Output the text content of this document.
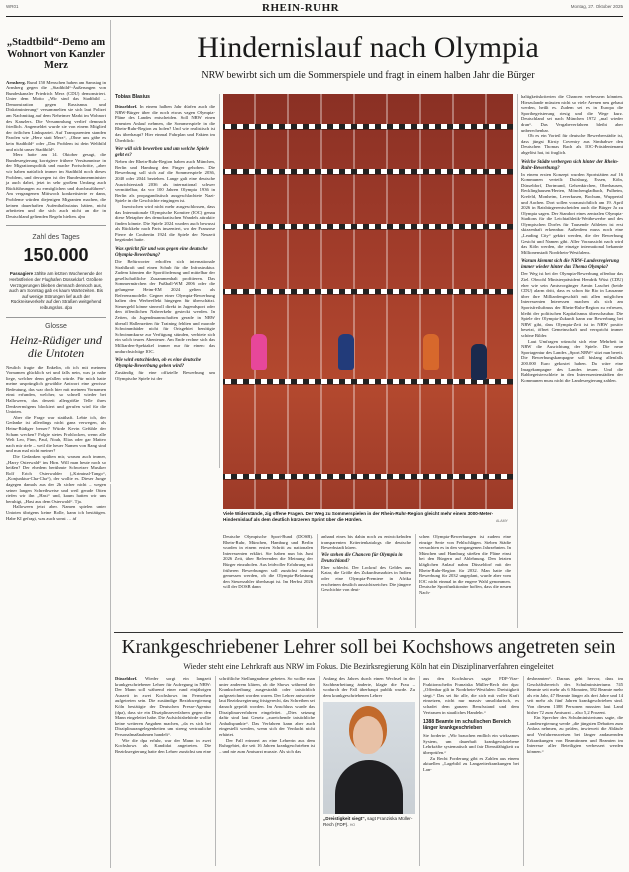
WR01	RHEIN-RUHR	Montag, 27. Oktober 2025
„Stadtbild“-Demo am Wohnort von Kanzler Merz
Arnsberg. Rund 150 Menschen haben am Samstag in Arnsberg gegen die „Stadtbild“-Äußerungen von Bundeskanzler Friedrich Merz (CDU) demonstriert. Unter dem Motto „Wir sind das Stadtbild – Demonstration gegen Rassismus und Diskriminierung“ versammelten sie sich laut Polizei am Nachmittag auf dem Neheimer Markt im Wohnort des Kanzlers. Die Versammlung verlief demnach friedlich. Angemeldet wurde sie von einem Mitglied der örtlichen Linkspartei. Auf Transparenten standen Parolen wie „Herz statt Merz“, „Ohne uns gäbe es kein Stadtbild“ oder „Das Problem ist dein Weltbild und nicht unser Stadtbild“.
Merz hatte am 14. Oktober gesagt, die Bundesregierung korrigiere frühere Versäumnisse in der Migrationspolitik und mache Fortschritte, „aber wir haben natürlich immer im Stadtbild noch dieses Problem, und deswegen ist der Bundesinnenminister ja auch dabei, jetzt in sehr großem Umfang auch Rückführungen zu ermöglichen und durchzuführen“. Am vergangenen Mittwoch konkretisierte er dann, Probleme würden diejenigen Migranten machen, die keinen dauerhaften Aufenthaltsstatus hätten, nicht arbeiteten und die sich auch nicht an die in Deutschland geltenden Regeln hielten. dpa
Zahl des Tages
150.000
Passagiere zählte am letzten Wochenende der Herbstferien der Flughafen Düsseldorf. Größere Verzögerungen blieben demnach dennoch aus, auch am Sonntag gab es kaum Wartezeiten. Bis auf wenige Störungen lief auch der Rückreiseverkehr auf den Straßen weitgehend reibungslos. dpa
Glosse
Heinz-Rüdiger und die Untoten
Neulich fragte die Enkelin, ob ich mit meinem Vornamen glücklich sei und falls nein, was ja nahe liege, welcher denn gefallen würde. Für mich hatte meine ursprünglich gewählte Antwort eine gewisse Bedeutung, das war doch hier mit meinem Vornamen einst erfunden, welcher, so schnell wieder bei Halloween, das derzeit allergrößte Telle ihres Denkvermögens blockiert und gerufen wird für die Untoten.
Aber die Frage war statthaft. Lebte ich, der Gedanke ist allerdings nicht ganz verwegen, als Heinz-Rüdiger besser? Würde Kevin Gefühle der Scham wecken? Folgte stetes Frohlocken, wenn alle Welt Leo, Finn, Paul, Noah, Elias oder gar Matteo nach mir riefe – weil die heuer Namen von Rang sind und nun mal nicht meiner?
Die Gedanken spülten mir, warum auch immer, „Harry Osterwald“ ins Hirn. Will man heute noch so heißen? Der ehedem berühmte Schweizer Musiker Rolf Erich Osterwalder („Kriminal-Tango“, „Konjunktur-Cha-Cha“), der wollte es. Dieser Junge dagegen damals aus der 2b sicher nicht – wegen seiner langen Schreibweise und weil gerade Otten riefen wir ihn „Hasi“ und, kaum hatten wir uns beruhigt, „Hasi aus dem Osterwald“. Tja.
Halloween jetzt aber. Namen spielen unter Untoten übrigens keine Rolle, kann ich bestätigen. Habe KI gefragt, was auch sonst … td
Hindernislauf nach Olympia
NRW bewirbt sich um die Sommerspiele und fragt in einem halben Jahr die Bürger
Tobias Blasius
Düsseldorf. In einem halben Jahr dürfen auch die NRW-Bürger über die noch etwas vagen Olympia-Pläne des Landes entscheiden. Soll NRW einen erneuten Anlauf nehmen, die Sommerspiele in die Rhein-Ruhr-Region zu holen? Und wie realistisch ist das überhaupt? Hier einmal Fahrplan und Fakten im Überblick:
Wer will sich bewerben und um welche Spiele geht es?
Neben der Rhein-Ruhr-Region haben auch München, Berlin und Hamburg den Finger gehoben. Die Bewerbung soll sich auf die Sommerspiele 2036, 2040 oder 2044 beziehen. Lange galt eine deutsche Ausrichterstadt 2036 als international schwer vermittelbar, da vor 100 Jahren Olympia 1936 in Berlin als propagandistisch ausgeschlachtete Nazi-Spiele in die Geschichte eingingen ist.
Inzwischen wird nicht mehr ausgeschlossen, dass das Internationale Olympische Komitee (IOC) genau diese Metapher des demokratischen Wandels attraktiv finden könnte. Die Spiele 2024 wurden auch bewusst als Rückkehr nach Paris inszeniert, wo der Franzose Pierre de Coubertin 1924 die Spiele der Neuzeit begründet hatte.
Was spricht für und was gegen eine deutsche Olympia-Bewerbung?
Die Befürworter erhoffen sich internationale Strahlkraft und einen Schub für die Infrastruktur. Zudem könnten die Sportförderung und mittelbar der gesellschaftliche Zusammenhalt profitieren. Das Sommermärchen der Fußball-WM 2006 oder die gelungene Heim-EM 2024 gelten als Referenzmodelle. Gegner einer Olympia-Bewerbung halten den Werbeeffekt hingegen für überschätzt. Steuergeld könne sinnvoll direkt in Jugendsport oder den öffentlichen Nahverkehr gesteckt werden. In Zeiten, da Jugendmannschaften gerade in NRW überall Hallenzeiten für Training fehlten und marode Schwimmbäder nicht für Ortsgebiet benötigte Schwimmkurse zur Verfügung stünden, verbiete sich ein solch teures Abenteuer. Am Ende rechne sich das Milliarden-Spektakel immer nur für einen: das undurchsichtige IOC.
Wie wird entschieden, ob es eine deutsche Olympia-Bewerbung geben wird?
Zuständig für eine offizielle Bewerbung um Olympische Spiele ist der
Viele Widerstände, zig offene Fragen. Der Weg zu Sommerspielen in der Rhein-Ruhr-Region gleicht mehr einem 3000-Meter-Hindernislauf als dem deutlich kürzeren Sprint über die Hürden.	ALAMY
Deutsche Olympische Sport-Bund (DOSB). Rhein-Ruhr, München, Hamburg und Berlin wurden in einem ersten Schritt zu nationalen Interessenten erklärt. Sie haben nun bis Juni 2026 Zeit, über Referenden die Meinung der Bürger einzuholen. Aus leidvoller Erfahrung mit früheren Bewerbungen soll zunächst einmal gemessen werden, ob die Olympia-Belastung den Steuerzahler überhaupt ist. Im Herbst 2026 will der DOSB dann
anhand eines bis dahin noch zu entwickelnden transparenten Kriterienkatalogs die deutsche Bewerbstadt küren.
Wie stehen die Chancen für Olympia in Deutschland?
Eher schlecht. Der Lockruf des Geldes aus Katar, die Größe des Zukunftsmarktes in Indien oder eine Olympia-Premiere in Afrika erscheinen deutlich aussichtsreicher. Die jüngere Geschichte von deut-
schen Olympia-Bewerbungen ist zudem eine einzige Serie von Fehlschlägen. Sieben Städte versuchten es in den vergangenen Jahrzehnten. In München und Hamburg stießen die Pläne einst bei den Bürgern auf Ablehnung. Den letzten kläglichen Anlauf nahm Düsseldorf mit der Rhein-Ruhr-Region für 2032. Man hatte die Bewerbung für 2032 ungeplant, wurde aber vom IOC nicht einmal in die engere Wahl genommen. Deutsche Sportfunktionäre hoffen, dass die neuen Nach-
haltigkeitskriterien die Chancen verbessern könnten. Hierzulande müssten nicht so viele Arenen neu gebaut werden, heißt es. Zudem sei es in Europa die Sportbegeisterung riesig und die Wege kurz. Deutschland sei nach München 1972 „mal wieder dran“. Das Vergabeverfahren bleibt aber unberechenbar.
Ob es ein Vorteil für deutsche Bewerberstädte ist, dass jüngst Kirsty Coventry aus Simbabwe den Deutschen Thomas Bach als IOC-Präsidentenamt abgelöst hat, ist fraglich.
Welche Städte verbergen sich hinter der Rhein-Ruhr-Bewerbung?
In einem ersten Konzept wurden Sportstätten auf 16 Kommunen verteilt: Duisburg, Essen, Köln, Düsseldorf, Dortmund, Gelsenkirchen, Oberhausen, Recklinghausen/Herten, Mönchengladbach, Pulheim, Krefeld, Monheim, Leverkusen, Bochum, Wuppertal und Aachen. Dort sollen voraussichtlich am 19. April 2026 in Ratsbürgerentscheiden auch die Bürger Ja zu Olympia sagen. Der Standort eines zentralen Olympia-Stadions für die Leichtathletik-Wettbewerbe und des Olympischen Dorfes für Tausende Athleten ist erst skizzenhaft erkennbar. Außerdem muss noch eine „Leading City“ gekürt werden, die der Bewerbung Gesicht und Namen gibt. Aller Voraussicht nach wird das Köln werden, die einzige international bekannte Millionenstadt Nordrhein-Westfalens.
Warum klemmt sich die NRW-Landesregierung immer wieder hinter das Thema Olympia?
Der Weg ist bei der Olympia-Bewerbung offenbar das Ziel. Obwohl Ministerpräsident Hendrik Wüst (CDU) eher wie sein Amtsvorgänger Armin Laschet (beide CDU) alarm dritt, dass es schon für Rio in Lausanne über ihre Milliardengeschäft mit allen möglichen Interessenten Interessen machen als sich am Sportsfreiluftmus der Rhein-Ruhr-Region zu erfreuen, bleibt der politischen Kapitalismus überschaubar. Die Spiele der Olympia-Zukunft kann zur Bewerbung bei NRW gibt, dass Olympia-Zeit ist in NRW positiv besetzt, öffnet Gemeinschaft und verspricht immer schöne Bilder.
Laut Umfragen wünscht sich eine Mehrheit in NRW die Ausrichtung der Spiele. Die neue Sportagentur des Landes „Sport.NRW“ sitzt nun bereit. Die Bewerbungskampagne soll bislang allenfalls 200.000 Euro gekostet haben. Da wäre eine Imagekampagne des Landes teurer. Und die Rahbegeisterschleie in den Interessentenstädten der Kommunen muss nicht die Landesregierung zahlen.
Krankgeschriebener Lehrer soll bei Kochshows angetreten sein
Wieder steht eine Lehrkraft aus NRW im Fokus. Die Bezirksregierung Köln hat ein Disziplinarverfahren eingeleitet
Düsseldorf. Wieder sorgt ein langzeit krankgeschriebener Lehrer für Aufregung in NRW: Der Mann soll während einer rund einjährigen Auszeit in zwei Kochshows im Fernsehen aufgetreten sein. Die zuständige Bezirksregierung Köln bestätigte der Deutschen Presse-Agentur (dpa), dass sie ein Disziplinarverfahren gegen den Mann eingeleitet habe. Die Aufsichtsbehörde wollte keine weiteren Angaben machen, „da es sich bei Disziplinarangelegenheiten um streng vertrauliche Personalmaßnahmen handelt“.
Wie die dpa erfuhr, war der Mann in zwei Kochshows als Kandidat angetreten. Die Bezirksregierung hatte den Lehrer zunächst um eine
schriftliche Stellungnahme gebeten. So wollte man unter anderem klären, ob die Shows während der Krankschreibung ausgestrahlt oder tatsächlich aufgezeichnet worden waren. Der Lehrer antwortete laut Bezirksregierung fristgerecht, das Schreiben sei danach geprüft worden. Im Anschluss wurde das Disziplinarverfahren eingeleitet. „Dies setzung dafür sind laut Gesetz „zureichende tatsächliche Anhaltspunkte“. Das Verfahren kann aber auch eingestellt werden, wenn sich der Verdacht nicht erhärtet.
Der Fall erinnert an eine Lehrerin aus dem Ruhrgebiet, die seit 16 Jahren krankgeschrieben ist – und nie zum Amtsarzt musste. Als sich das
Anfang des Jahres durch einen Wechsel in der Sachbearbeitung änderte, klagte die Frau – wodurch der Fall überhaupt publik wurde. Zu dem krankgeschriebenen Lehrer
„Dreistigkeit siegt“, sagt Franziska Müller-Rech (FDP). HO
aus den Kochshows sagte FDP-Vize-Fraktionschefin Franziska Müller-Rech der dpa: „Offenbar gilt in Nordrhein-Westfalen: Dreistigkeit siegt.“ Das sei für alle, die sich mit voller Kraft einsetzen, nicht nur massiv unsolidarisch, es schadet dem ganzen Berufsstand und dem Vertrauen in staatliches Handeln.“
1388 Beamte im schulischen Bereich länger krankgeschrieben
Sie forderte: „Wir brauchen endlich ein wirksames System, um dauerhaft krankgeschriebene Lehrkräfte systematisch und fair Dienstfähigkeit zu überprüfen.“
Zu Recht Forderung gibt es Zahlen aus einem aktuellen „Lagebild zu Langzeiterkrankungen bei Lan-
desbeamten“. Daraus geht hervor, dass im Geschäftsbereich des Schulministeriums 745 Beamte seit mehr als 6 Monaten, 582 Beamte mehr als ein Jahr, 47 Beamte länger als drei Jahre und 14 seit mehr als fünf Jahren krankgeschrieben sind. Von diesem 1388 Personen mussten laut Land bisher 72 zum Amtsarzt – also 5,2 Prozent.
Ein Sprecher des Schulministeriums sagte, die Landesregierung werde „die jüngsten Debatten zum Anlass nehmen, zu prüfen, inwieweit die Abläufe und Verfahrensweisen bei länger andauernden Erkrankungen von Beamtinnen und Beamten im Interesse aller Beteiligten verbessert werden können.“
